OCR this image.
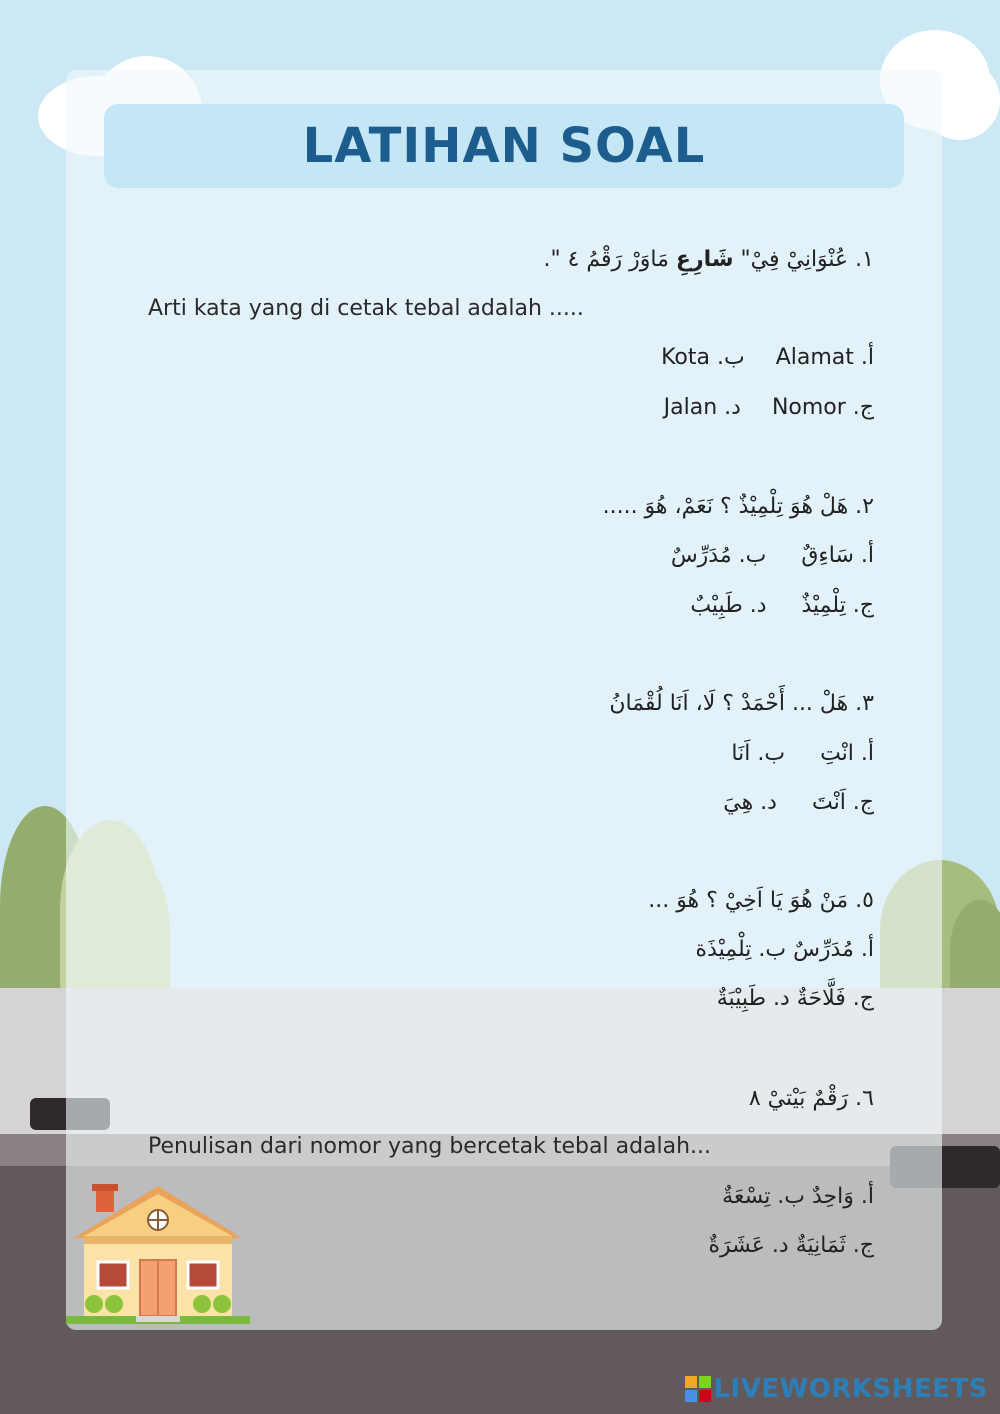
LATIHAN SOAL
١. عُنْوَانِيْ فِيْ" شَارِعِ مَاوَرْ رَقْمُ ٤ ".
Arti kata yang di cetak tebal adalah .....
أ. Alamat ب. Kota
ج. Nomor د. Jalan
٢. هَلْ هُوَ تِلْمِيْذٌ ؟ نَعَمْ، هُوَ .....
أ. سَاءِقٌ ب. مُدَرِّسٌ
ج. تِلْمِيْذٌ د. طَبِيْبٌ
٣. هَلْ ... أَحْمَدْ ؟ لَا، اَنَا لُقْمَانُ
أ. انْتِ ب. اَنَا
ج. اَنْتَ د. هِيَ
٥. مَنْ هُوَ يَا اَخِيْ ؟ هُوَ ...
أ. مُدَرِّسٌ ب. تِلْمِيْذَة
ج. فَلَّاحَةٌ د. طَبِيْبَةٌ
٦. رَقْمٌ بَيْتيْ ٨
Penulisan dari nomor yang bercetak tebal adalah...
أ. وَاحِدٌ ب. تِسْعَةٌ
ج. ثَمَانِيَةٌ د. عَشَرَةٌ
LIVEWORKSHEETS
